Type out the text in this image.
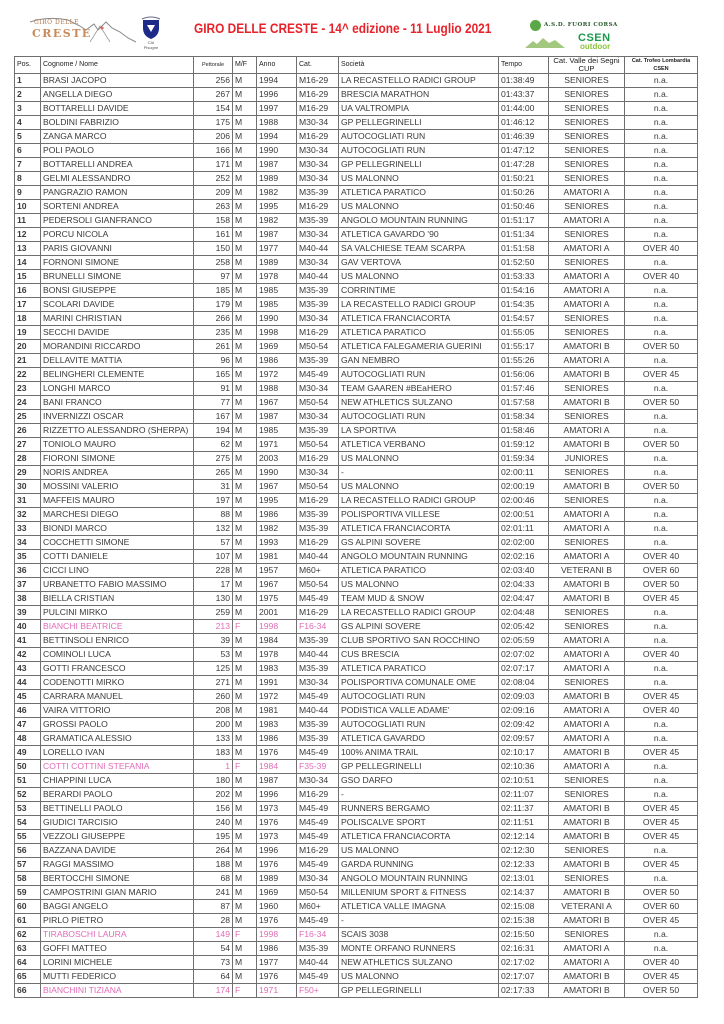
GIRO DELLE
CRESTE
CAI Pisogne
GIRO DELLE CRESTE - 14^ edizione - 11 Luglio 2021	A.S.D. FUORI CORSA
CSEN
outdoor
Pos.	Cognome / Nome	Pettorale	M/F	Anno	Cat.	Società	Tempo	Cat. Valle dei Segni CUP	Cat. Trofeo Lombardia CSEN
1	BRASI JACOPO	256	M	1994	M16-29	LA RECASTELLO RADICI GROUP	01:38:49	SENIORES	n.a.
2	ANGELLA DIEGO	267	M	1996	M16-29	BRESCIA MARATHON	01:43:37	SENIORES	n.a.
3	BOTTARELLI DAVIDE	154	M	1997	M16-29	UA VALTROMPIA	01:44:00	SENIORES	n.a.
4	BOLDINI FABRIZIO	175	M	1988	M30-34	GP PELLEGRINELLI	01:46:12	SENIORES	n.a.
5	ZANGA MARCO	206	M	1994	M16-29	AUTOCOGLIATI RUN	01:46:39	SENIORES	n.a.
6	POLI PAOLO	166	M	1990	M30-34	AUTOCOGLIATI RUN	01:47:12	SENIORES	n.a.
7	BOTTARELLI ANDREA	171	M	1987	M30-34	GP PELLEGRINELLI	01:47:28	SENIORES	n.a.
8	GELMI ALESSANDRO	252	M	1989	M30-34	US MALONNO	01:50:21	SENIORES	n.a.
9	PANGRAZIO RAMON	209	M	1982	M35-39	ATLETICA PARATICO	01:50:26	AMATORI A	n.a.
10	SORTENI ANDREA	263	M	1995	M16-29	US MALONNO	01:50:46	SENIORES	n.a.
11	PEDERSOLI GIANFRANCO	158	M	1982	M35-39	ANGOLO MOUNTAIN RUNNING	01:51:17	AMATORI A	n.a.
12	PORCU NICOLA	161	M	1987	M30-34	ATLETICA GAVARDO '90	01:51:34	SENIORES	n.a.
13	PARIS GIOVANNI	150	M	1977	M40-44	SA VALCHIESE TEAM SCARPA	01:51:58	AMATORI A	OVER 40
14	FORNONI SIMONE	258	M	1989	M30-34	GAV VERTOVA	01:52:50	SENIORES	n.a.
15	BRUNELLI SIMONE	97	M	1978	M40-44	US MALONNO	01:53:33	AMATORI A	OVER 40
16	BONSI GIUSEPPE	185	M	1985	M35-39	CORRINTIME	01:54:16	AMATORI A	n.a.
17	SCOLARI DAVIDE	179	M	1985	M35-39	LA RECASTELLO RADICI GROUP	01:54:35	AMATORI A	n.a.
18	MARINI CHRISTIAN	266	M	1990	M30-34	ATLETICA FRANCIACORTA	01:54:57	SENIORES	n.a.
19	SECCHI DAVIDE	235	M	1998	M16-29	ATLETICA PARATICO	01:55:05	SENIORES	n.a.
20	MORANDINI RICCARDO	261	M	1969	M50-54	ATLETICA FALEGAMERIA GUERINI	01:55:17	AMATORI B	OVER 50
21	DELLAVITE MATTIA	96	M	1986	M35-39	GAN NEMBRO	01:55:26	AMATORI A	n.a.
22	BELINGHERI CLEMENTE	165	M	1972	M45-49	AUTOCOGLIATI RUN	01:56:06	AMATORI B	OVER 45
23	LONGHI MARCO	91	M	1988	M30-34	TEAM GAAREN #BEaHERO	01:57:46	SENIORES	n.a.
24	BANI FRANCO	77	M	1967	M50-54	NEW ATHLETICS SULZANO	01:57:58	AMATORI B	OVER 50
25	INVERNIZZI OSCAR	167	M	1987	M30-34	AUTOCOGLIATI RUN	01:58:34	SENIORES	n.a.
26	RIZZETTO ALESSANDRO (SHERPA)	194	M	1985	M35-39	LA SPORTIVA	01:58:46	AMATORI A	n.a.
27	TONIOLO MAURO	62	M	1971	M50-54	ATLETICA VERBANO	01:59:12	AMATORI B	OVER 50
28	FIORONI SIMONE	275	M	2003	M16-29	US MALONNO	01:59:34	JUNIORES	n.a.
29	NORIS ANDREA	265	M	1990	M30-34	-	02:00:11	SENIORES	n.a.
30	MOSSINI VALERIO	31	M	1967	M50-54	US MALONNO	02:00:19	AMATORI B	OVER 50
31	MAFFEIS MAURO	197	M	1995	M16-29	LA RECASTELLO RADICI GROUP	02:00:46	SENIORES	n.a.
32	MARCHESI DIEGO	88	M	1986	M35-39	POLISPORTIVA VILLESE	02:00:51	AMATORI A	n.a.
33	BIONDI MARCO	132	M	1982	M35-39	ATLETICA FRANCIACORTA	02:01:11	AMATORI A	n.a.
34	COCCHETTI SIMONE	57	M	1993	M16-29	GS ALPINI SOVERE	02:02:00	SENIORES	n.a.
35	COTTI DANIELE	107	M	1981	M40-44	ANGOLO MOUNTAIN RUNNING	02:02:16	AMATORI A	OVER 40
36	CICCI LINO	228	M	1957	M60+	ATLETICA PARATICO	02:03:40	VETERANI B	OVER 60
37	URBANETTO FABIO MASSIMO	17	M	1967	M50-54	US MALONNO	02:04:33	AMATORI B	OVER 50
38	BIELLA CRISTIAN	130	M	1975	M45-49	TEAM MUD & SNOW	02:04:47	AMATORI B	OVER 45
39	PULCINI MIRKO	259	M	2001	M16-29	LA RECASTELLO RADICI GROUP	02:04:48	SENIORES	n.a.
40	BIANCHI BEATRICE	213	F	1998	F16-34	GS ALPINI SOVERE	02:05:42	SENIORES	n.a.
41	BETTINSOLI ENRICO	39	M	1984	M35-39	CLUB SPORTIVO SAN ROCCHINO	02:05:59	AMATORI A	n.a.
42	COMINOLI LUCA	53	M	1978	M40-44	CUS BRESCIA	02:07:02	AMATORI A	OVER 40
43	GOTTI FRANCESCO	125	M	1983	M35-39	ATLETICA PARATICO	02:07:17	AMATORI A	n.a.
44	CODENOTTI MIRKO	271	M	1991	M30-34	POLISPORTIVA COMUNALE OME	02:08:04	SENIORES	n.a.
45	CARRARA MANUEL	260	M	1972	M45-49	AUTOCOGLIATI RUN	02:09:03	AMATORI B	OVER 45
46	VAIRA VITTORIO	208	M	1981	M40-44	PODISTICA VALLE ADAME'	02:09:16	AMATORI A	OVER 40
47	GROSSI PAOLO	200	M	1983	M35-39	AUTOCOGLIATI RUN	02:09:42	AMATORI A	n.a.
48	GRAMATICA ALESSIO	133	M	1986	M35-39	ATLETICA GAVARDO	02:09:57	AMATORI A	n.a.
49	LORELLO IVAN	183	M	1976	M45-49	100% ANIMA TRAIL	02:10:17	AMATORI B	OVER 45
50	COTTI COTTINI STEFANIA	1	F	1984	F35-39	GP PELLEGRINELLI	02:10:36	AMATORI A	n.a.
51	CHIAPPINI LUCA	180	M	1987	M30-34	GSO DARFO	02:10:51	SENIORES	n.a.
52	BERARDI PAOLO	202	M	1996	M16-29	-	02:11:07	SENIORES	n.a.
53	BETTINELLI PAOLO	156	M	1973	M45-49	RUNNERS BERGAMO	02:11:37	AMATORI B	OVER 45
54	GIUDICI TARCISIO	240	M	1976	M45-49	POLISCALVE SPORT	02:11:51	AMATORI B	OVER 45
55	VEZZOLI GIUSEPPE	195	M	1973	M45-49	ATLETICA FRANCIACORTA	02:12:14	AMATORI B	OVER 45
56	BAZZANA DAVIDE	264	M	1996	M16-29	US MALONNO	02:12:30	SENIORES	n.a.
57	RAGGI MASSIMO	188	M	1976	M45-49	GARDA RUNNING	02:12:33	AMATORI B	OVER 45
58	BERTOCCHI SIMONE	68	M	1989	M30-34	ANGOLO MOUNTAIN RUNNING	02:13:01	SENIORES	n.a.
59	CAMPOSTRINI GIAN MARIO	241	M	1969	M50-54	MILLENIUM SPORT & FITNESS	02:14:37	AMATORI B	OVER 50
60	BAGGI ANGELO	87	M	1960	M60+	ATLETICA VALLE IMAGNA	02:15:08	VETERANI A	OVER 60
61	PIRLO PIETRO	28	M	1976	M45-49	-	02:15:38	AMATORI B	OVER 45
62	TIRABOSCHI LAURA	149	F	1998	F16-34	SCAIS 3038	02:15:50	SENIORES	n.a.
63	GOFFI MATTEO	54	M	1986	M35-39	MONTE ORFANO RUNNERS	02:16:31	AMATORI A	n.a.
64	LORINI MICHELE	73	M	1977	M40-44	NEW ATHLETICS SULZANO	02:17:02	AMATORI A	OVER 40
65	MUTTI FEDERICO	64	M	1976	M45-49	US MALONNO	02:17:07	AMATORI B	OVER 45
66	BIANCHINI TIZIANA	174	F	1971	F50+	GP PELLEGRINELLI	02:17:33	AMATORI B	OVER 50
